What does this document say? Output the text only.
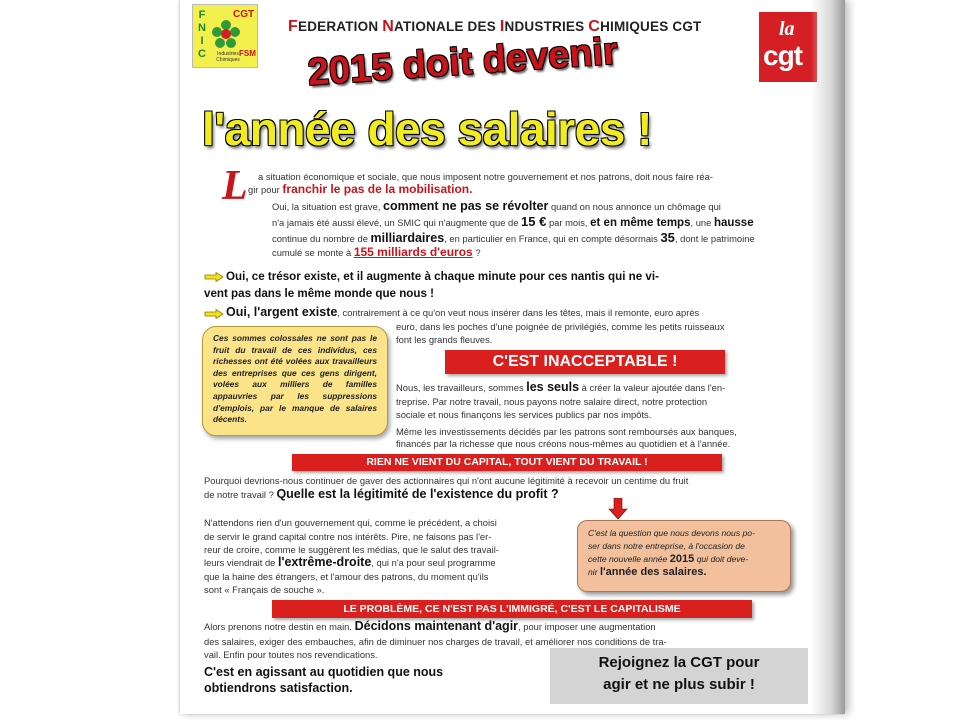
F
N
I
C
CGT
FSM
Industries Chimiques
FEDERATION NATIONALE DES INDUSTRIES CHIMIQUES CGT	la
cgt
2015 doit devenir
l'année des salaires !
L a situation économique et sociale, que nous imposent notre gouvernement et nos patrons, doit nous faire réa-
gir pour franchir le pas de la mobilisation.
Oui, la situation est grave, comment ne pas se révolter quand on nous annonce un chômage qui
n'a jamais été aussi élevé, un SMIC qui n'augmente que de 15 € par mois, et en même temps, une hausse
continue du nombre de milliardaires, en particulier en France, qui en compte désormais 35, dont le patrimoine
cumulé se monte à 155 milliards d'euros ?
Oui, ce trésor existe, et il augmente à chaque minute pour ces nantis qui ne vi-
vent pas dans le même monde que nous !
Oui, l'argent existe, contrairement à ce qu'on veut nous insérer dans les têtes, mais il remonte, euro après
euro, dans les poches d'une poignée de privilégiés, comme les petits ruisseaux
font les grands fleuves.
Ces sommes colossales ne sont pas le fruit du travail de ces individus, ces richesses ont été volées aux travailleurs des entreprises que ces gens dirigent, volées aux milliers de familles appauvries par les suppressions d'emplois, par le manque de salaires décents.
C'EST INACCEPTABLE !
Nous, les travailleurs, sommes les seuls à créer la valeur ajoutée dans l'en-
treprise. Par notre travail, nous payons notre salaire direct, notre protection
sociale et nous finançons les services publics par nos impôts.
Même les investissements décidés par les patrons sont remboursés aux banques,
financés par la richesse que nous créons nous-mêmes au quotidien et à l'année.
RIEN NE VIENT DU CAPITAL, TOUT VIENT DU TRAVAIL !
Pourquoi devrions-nous continuer de gaver des actionnaires qui n'ont aucune légitimité à recevoir un centime du fruit
de notre travail ? Quelle est la légitimité de l'existence du profit ?
N'attendons rien d'un gouvernement qui, comme le précédent, a choisi
de servir le grand capital contre nos intérêts. Pire, ne faisons pas l'er-
reur de croire, comme le suggèrent les médias, que le salut des travail-
leurs viendrait de l'extrême-droite, qui n'a pour seul programme
que la haine des étrangers, et l'amour des patrons, du moment qu'ils
sont « Français de souche ».
C'est la question que nous devons nous po-
ser dans notre entreprise, à l'occasion de
cette nouvelle année 2015 qui doit deve-
nir l'année des salaires.
LE PROBLÈME, CE N'EST PAS L'IMMIGRÉ, C'EST LE CAPITALISME
Alors prenons notre destin en main. Décidons maintenant d'agir, pour imposer une augmentation
des salaires, exiger des embauches, afin de diminuer nos charges de travail, et améliorer nos conditions de tra-
vail. Enfin pour toutes nos revendications.
C'est en agissant au quotidien que nous
obtiendrons satisfaction.
Rejoignez la CGT pour
agir et ne plus subir !
